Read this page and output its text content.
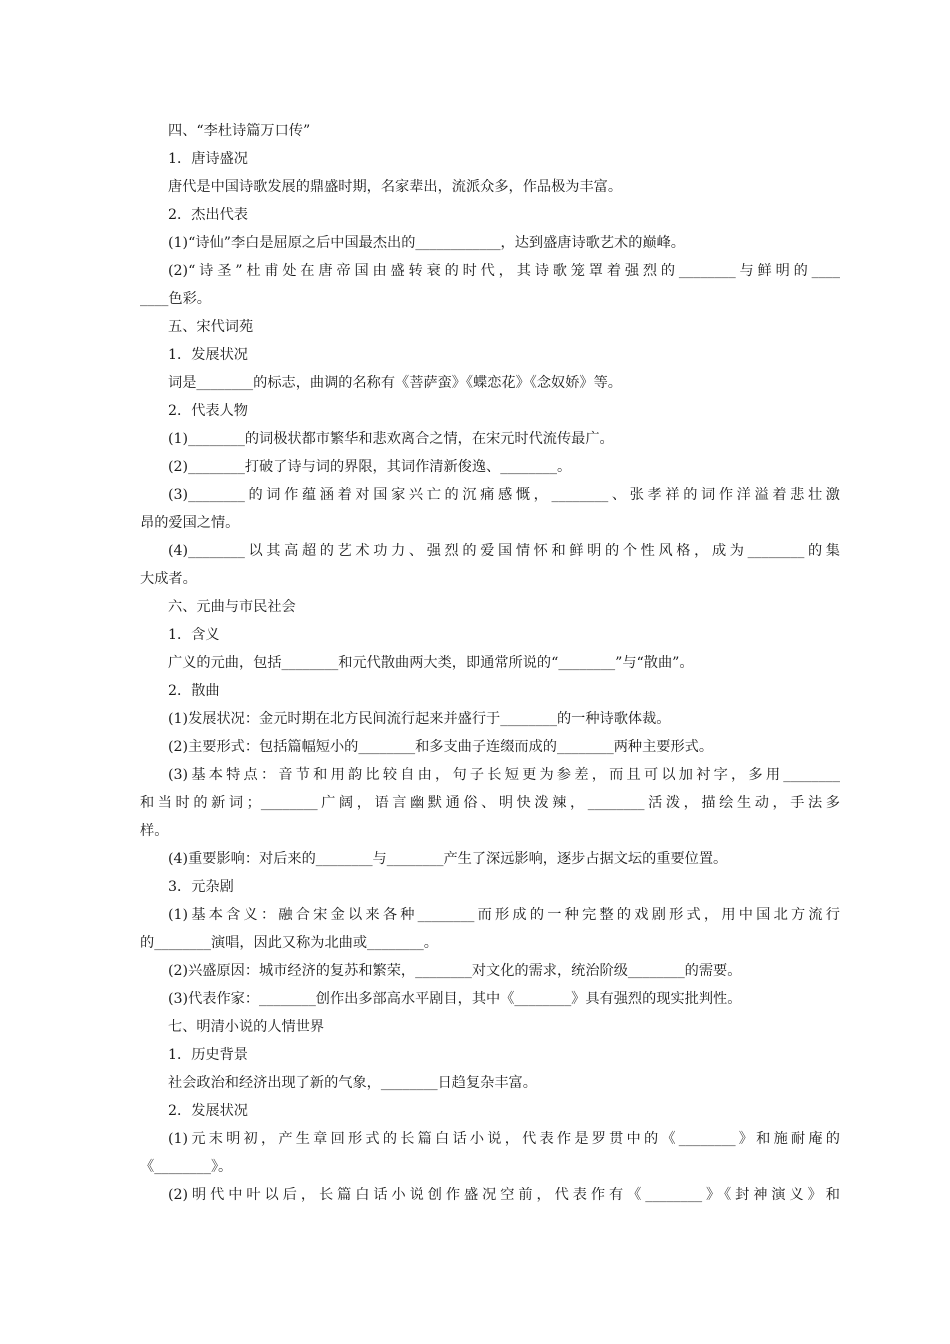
四、“李杜诗篇万口传”
1．唐诗盛况
唐代是中国诗歌发展的鼎盛时期，名家辈出，流派众多，作品极为丰富。
2．杰出代表
(1)“诗仙”李白是屈原之后中国最杰出的____________，达到盛唐诗歌艺术的巅峰。
(2)“诗圣”杜甫处在唐帝国由盛转衰的时代，其诗歌笼罩着强烈的________与鲜明的____
____色彩。
五、宋代词苑
1．发展状况
词是________的标志，曲调的名称有《菩萨蛮》《蝶恋花》《念奴娇》等。
2．代表人物
(1)________的词极状都市繁华和悲欢离合之情，在宋元时代流传最广。
(2)________打破了诗与词的界限，其词作清新俊逸、________。
(3)________的词作蕴涵着对国家兴亡的沉痛感慨，________、张孝祥的词作洋溢着悲壮激
昂的爱国之情。
(4)________以其高超的艺术功力、强烈的爱国情怀和鲜明的个性风格，成为________的集
大成者。
六、元曲与市民社会
1．含义
广义的元曲，包括________和元代散曲两大类，即通常所说的“________”与“散曲”。
2．散曲
(1)发展状况：金元时期在北方民间流行起来并盛行于________的一种诗歌体裁。
(2)主要形式：包括篇幅短小的________和多支曲子连缀而成的________两种主要形式。
(3)基本特点：音节和用韵比较自由，句子长短更为参差，而且可以加衬字，多用________
和当时的新词；________广阔，语言幽默通俗、明快泼辣，________活泼，描绘生动，手法多
样。
(4)重要影响：对后来的________与________产生了深远影响，逐步占据文坛的重要位置。
3．元杂剧
(1)基本含义：融合宋金以来各种________而形成的一种完整的戏剧形式，用中国北方流行
的________演唱，因此又称为北曲或________。
(2)兴盛原因：城市经济的复苏和繁荣，________对文化的需求，统治阶级________的需要。
(3)代表作家：________创作出多部高水平剧目，其中《________》具有强烈的现实批判性。
七、明清小说的人情世界
1．历史背景
社会政治和经济出现了新的气象，________日趋复杂丰富。
2．发展状况
(1)元末明初，产生章回形式的长篇白话小说，代表作是罗贯中的《________》和施耐庵的
《________》。
(2)明代中叶以后，长篇白话小说创作盛况空前，代表作有《________》《封神演义》和
